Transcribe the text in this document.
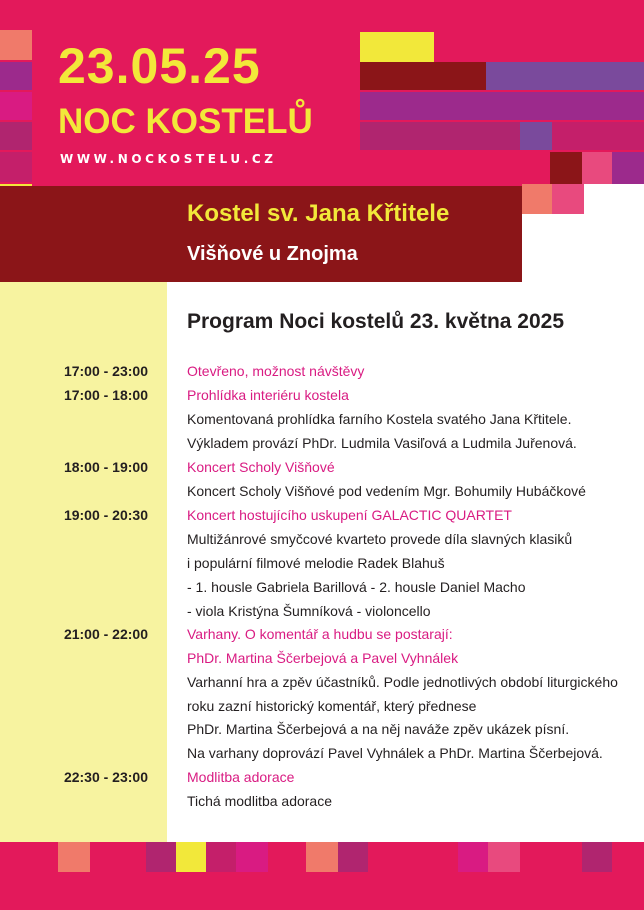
23.05.25
NOC KOSTELŮ
WWW.NOCKOSTELU.CZ
Kostel sv. Jana Křtitele
Višňové u Znojma
Program Noci kostelů 23. května 2025
17:00 - 23:00	Otevřeno, možnost návštěvy
17:00 - 18:00	Prohlídka interiéru kostela
Komentovaná prohlídka farního Kostela svatého Jana Křtitele.
Výkladem provází PhDr. Ludmila Vasiľová a Ludmila Juřenová.
18:00 - 19:00	Koncert Scholy Višňové
Koncert Scholy Višňové pod vedením Mgr. Bohumily Hubáčkové
19:00 - 20:30	Koncert hostujícího uskupení GALACTIC QUARTET
Multižánrové smyčcové kvarteto provede díla slavných klasiků
i populární filmové melodie Radek Blahuš
- 1. housle Gabriela Barillová - 2. housle Daniel Macho
- viola Kristýna Šumníková - violoncello
21:00 - 22:00	Varhany. O komentář a hudbu se postarají:
PhDr. Martina Ščerbejová a Pavel Vyhnálek
Varhanní hra a zpěv účastníků. Podle jednotlivých období liturgického
roku zazní historický komentář, který přednese
PhDr. Martina Ščerbejová a na něj naváže zpěv ukázek písní.
Na varhany doprovází Pavel Vyhnálek a PhDr. Martina Ščerbejová.
22:30 - 23:00	Modlitba adorace
Tichá modlitba adorace
